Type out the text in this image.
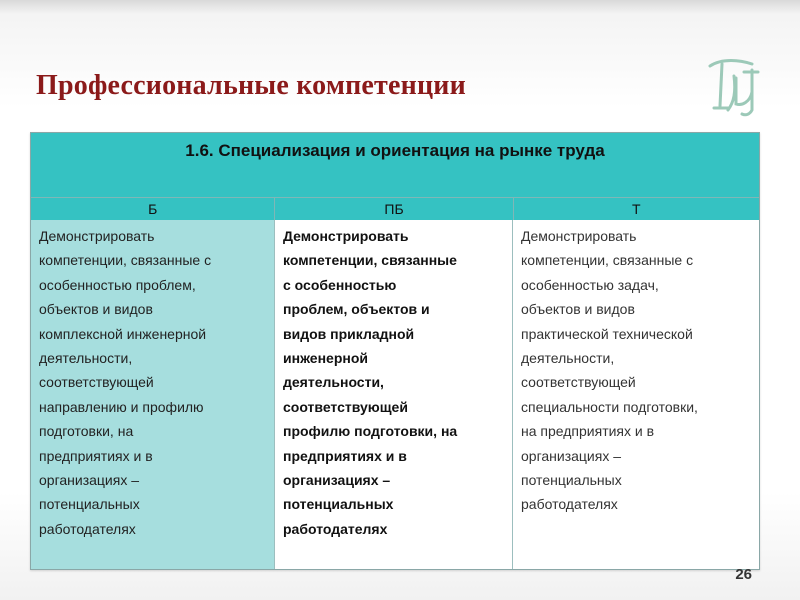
Профессиональные компетенции
1.6. Специализация и ориентация на рынке труда
Б	ПБ	Т
Демонстрировать
компетенции, связанные с
особенностью проблем,
объектов и видов
комплексной инженерной
деятельности,
соответствующей
направлению и профилю
подготовки, на
предприятиях и в
организациях –
потенциальных
работодателях
Демонстрировать
компетенции, связанные
с особенностью
проблем, объектов и
видов прикладной
инженерной
деятельности,
соответствующей
профилю подготовки, на
предприятиях и в
организациях –
потенциальных
работодателях
Демонстрировать
компетенции, связанные с
особенностью задач,
объектов и видов
практической технической
деятельности,
соответствующей
специальности подготовки,
на предприятиях и в
организациях –
потенциальных
работодателях
26
